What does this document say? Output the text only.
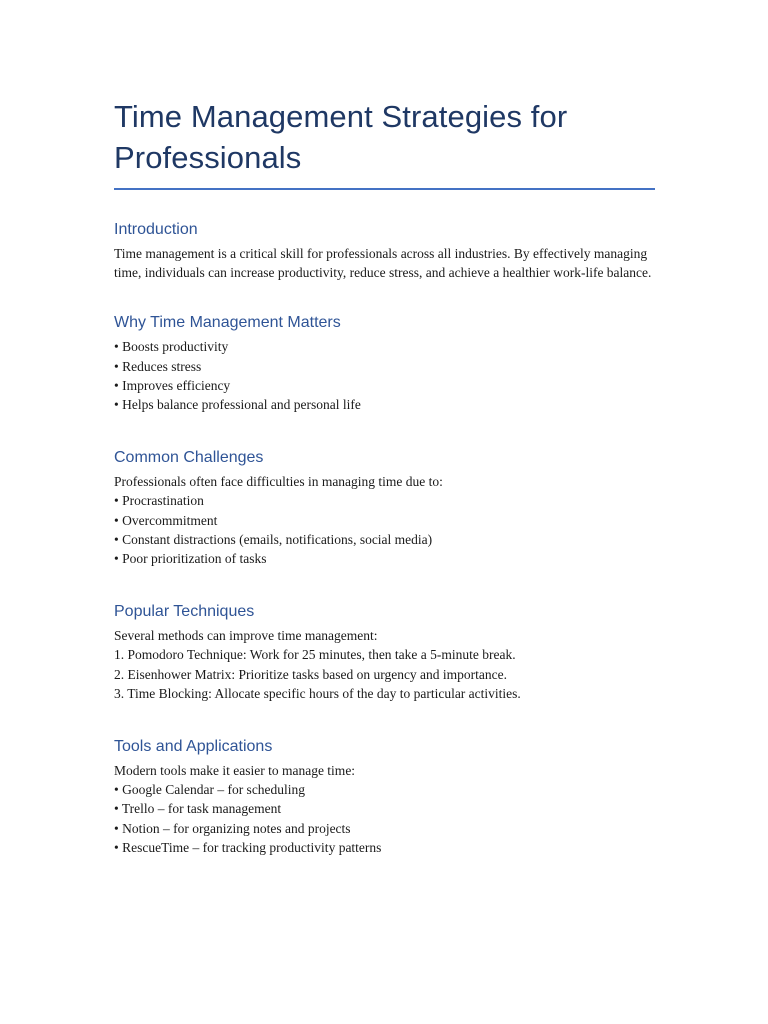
Time Management Strategies for
Professionals
Introduction

Time management is a critical skill for professionals across all industries. By effectively managing time, individuals can increase productivity, reduce stress, and achieve a healthier work-life balance.

Why Time Management Matters
• Boosts productivity
• Reduces stress
• Improves efficiency
• Helps balance professional and personal life
Common Challenges

Professionals often face difficulties in managing time due to:

• Procrastination
• Overcommitment
• Constant distractions (emails, notifications, social media)
• Poor prioritization of tasks
Popular Techniques

Several methods can improve time management:

1. Pomodoro Technique: Work for 25 minutes, then take a 5-minute break.
2. Eisenhower Matrix: Prioritize tasks based on urgency and importance.
3. Time Blocking: Allocate specific hours of the day to particular activities.
Tools and Applications

Modern tools make it easier to manage time:

• Google Calendar – for scheduling
• Trello – for task management
• Notion – for organizing notes and projects
• RescueTime – for tracking productivity patterns
